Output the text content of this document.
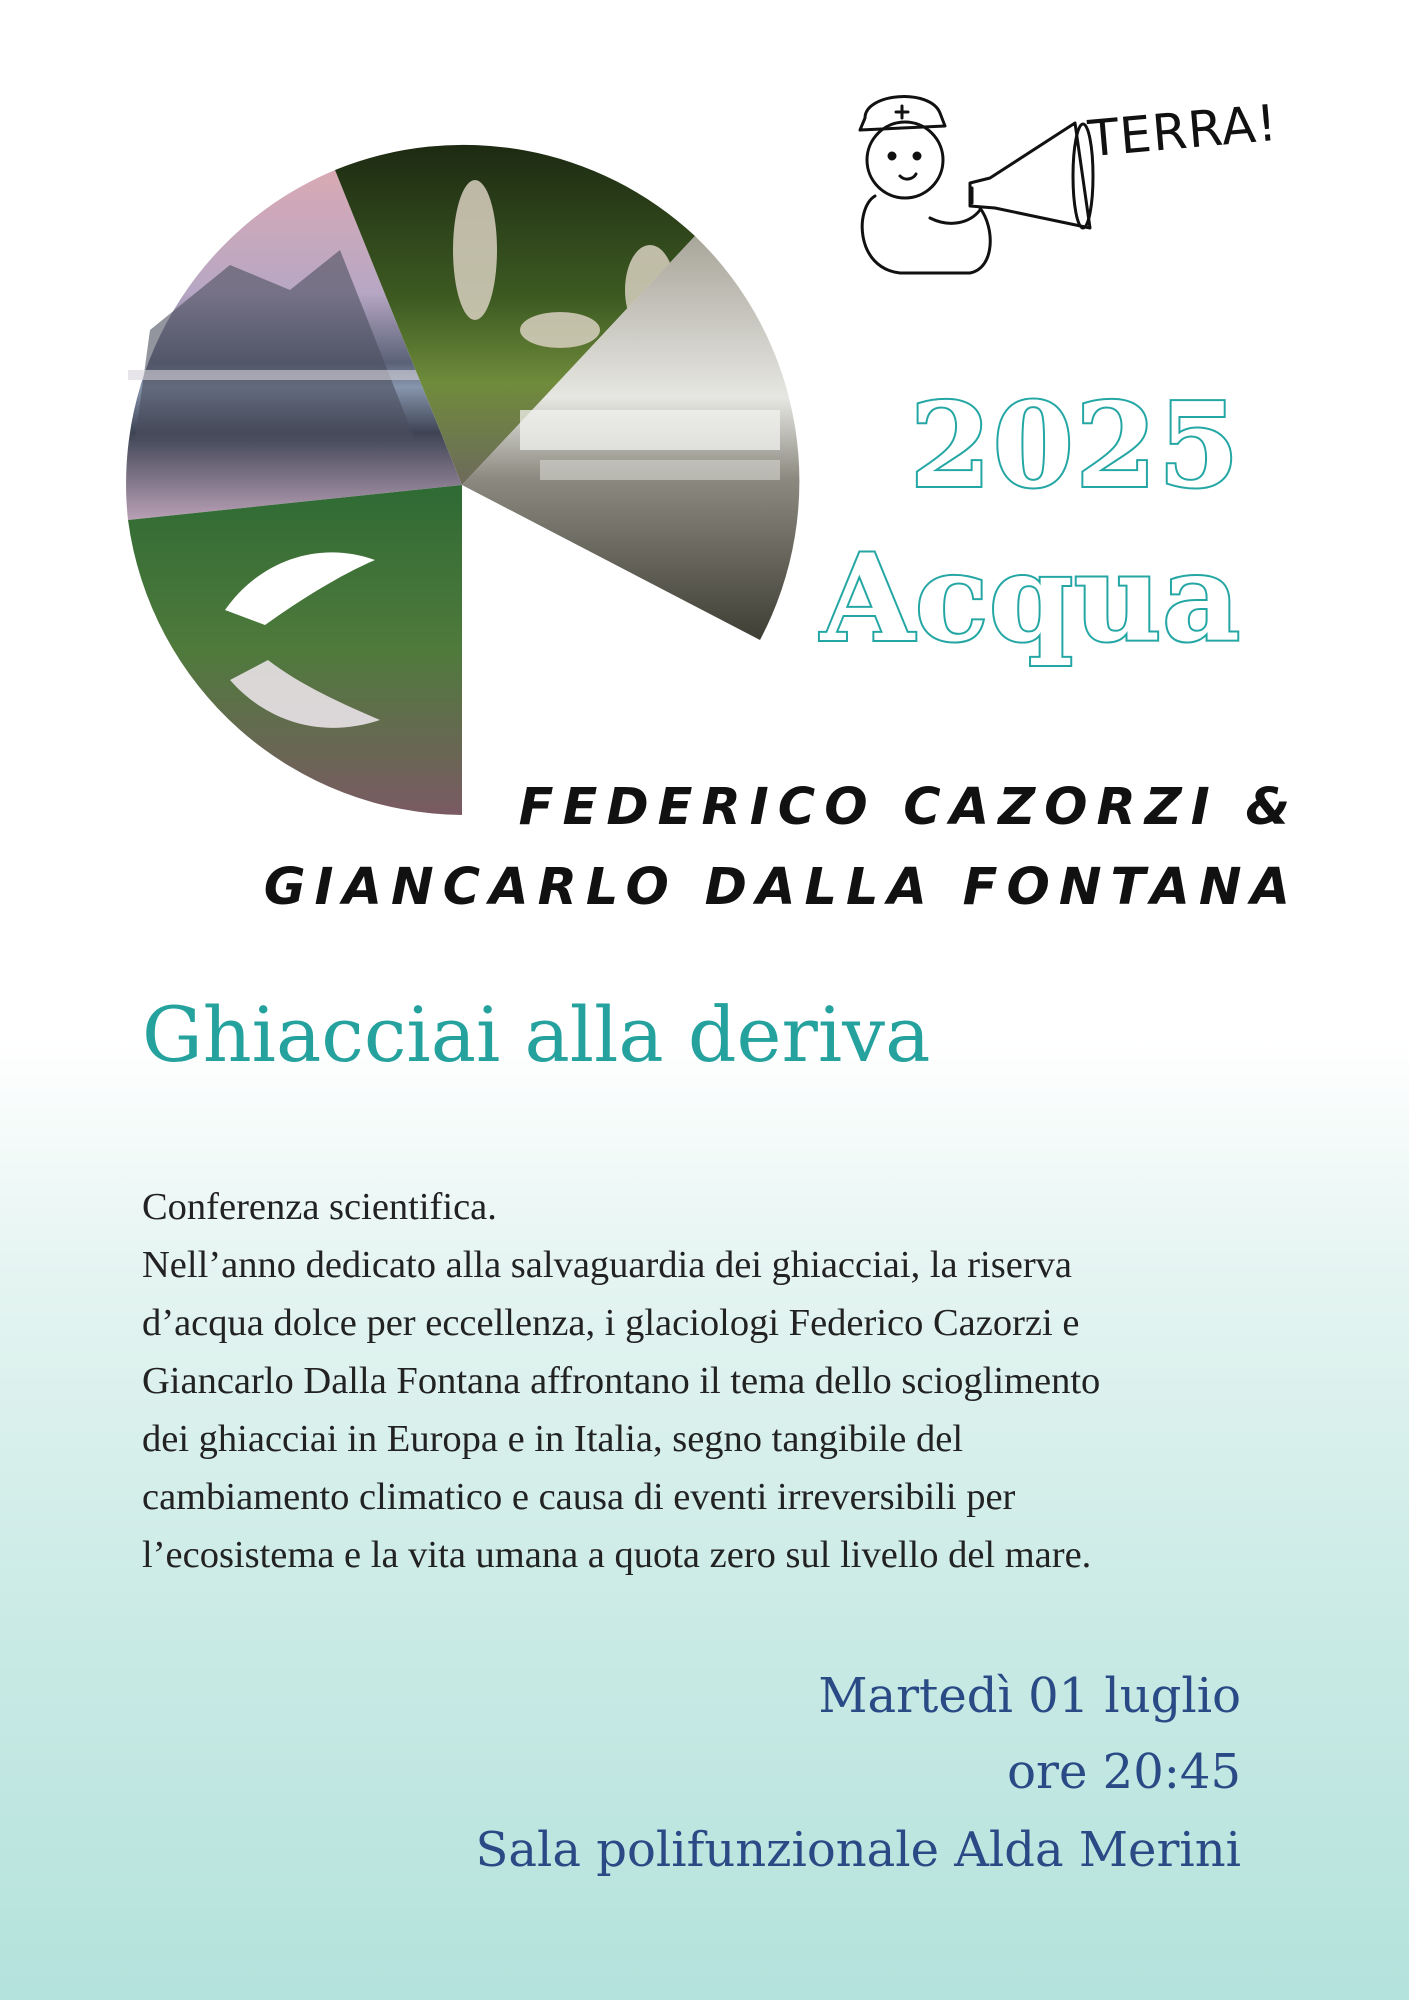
TERRA!
2025
Acqua
FEDERICO CAZORZI &
GIANCARLO DALLA FONTANA
Ghiacciai alla deriva

Conferenza scientifica.

Nell’anno dedicato alla salvaguardia dei ghiacciai, la riserva

d’acqua dolce per eccellenza, i glaciologi Federico Cazorzi e

Giancarlo Dalla Fontana affrontano il tema dello scioglimento

dei ghiacciai in Europa e in Italia, segno tangibile del

cambiamento climatico e causa di eventi irreversibili per

l’ecosistema e la vita umana a quota zero sul livello del mare.

Martedì 01 luglio
ore 20:45
Sala polifunzionale Alda Merini
